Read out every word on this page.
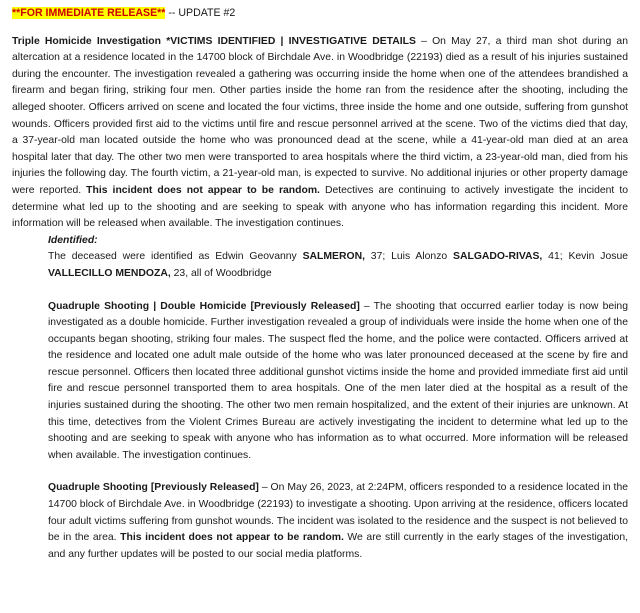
**FOR IMMEDIATE RELEASE** -- UPDATE #2

Triple Homicide Investigation *VICTIMS IDENTIFIED | INVESTIGATIVE DETAILS – On May 27, a third man shot during an altercation at a residence located in the 14700 block of Birchdale Ave. in Woodbridge (22193) died as a result of his injuries sustained during the encounter. The investigation revealed a gathering was occurring inside the home when one of the attendees brandished a firearm and began firing, striking four men. Other parties inside the home ran from the residence after the shooting, including the alleged shooter. Officers arrived on scene and located the four victims, three inside the home and one outside, suffering from gunshot wounds. Officers provided first aid to the victims until fire and rescue personnel arrived at the scene. Two of the victims died that day, a 37-year-old man located outside the home who was pronounced dead at the scene, while a 41-year-old man died at an area hospital later that day. The other two men were transported to area hospitals where the third victim, a 23-year-old man, died from his injuries the following day. The fourth victim, a 21-year-old man, is expected to survive. No additional injuries or other property damage were reported. This incident does not appear to be random. Detectives are continuing to actively investigate the incident to determine what led up to the shooting and are seeking to speak with anyone who has information regarding this incident. More information will be released when available. The investigation continues.

Identified:

The deceased were identified as Edwin Geovanny SALMERON, 37; Luis Alonzo SALGADO-RIVAS, 41; Kevin Josue VALLECILLO MENDOZA, 23, all of Woodbridge

Quadruple Shooting | Double Homicide [Previously Released] – The shooting that occurred earlier today is now being investigated as a double homicide. Further investigation revealed a group of individuals were inside the home when one of the occupants began shooting, striking four males. The suspect fled the home, and the police were contacted. Officers arrived at the residence and located one adult male outside of the home who was later pronounced deceased at the scene by fire and rescue personnel. Officers then located three additional gunshot victims inside the home and provided immediate first aid until fire and rescue personnel transported them to area hospitals. One of the men later died at the hospital as a result of the injuries sustained during the shooting. The other two men remain hospitalized, and the extent of their injuries are unknown. At this time, detectives from the Violent Crimes Bureau are actively investigating the incident to determine what led up to the shooting and are seeking to speak with anyone who has information as to what occurred. More information will be released when available. The investigation continues.

Quadruple Shooting [Previously Released] – On May 26, 2023, at 2:24PM, officers responded to a residence located in the 14700 block of Birchdale Ave. in Woodbridge (22193) to investigate a shooting. Upon arriving at the residence, officers located four adult victims suffering from gunshot wounds. The incident was isolated to the residence and the suspect is not believed to be in the area. This incident does not appear to be random. We are still currently in the early stages of the investigation, and any further updates will be posted to our social media platforms.
